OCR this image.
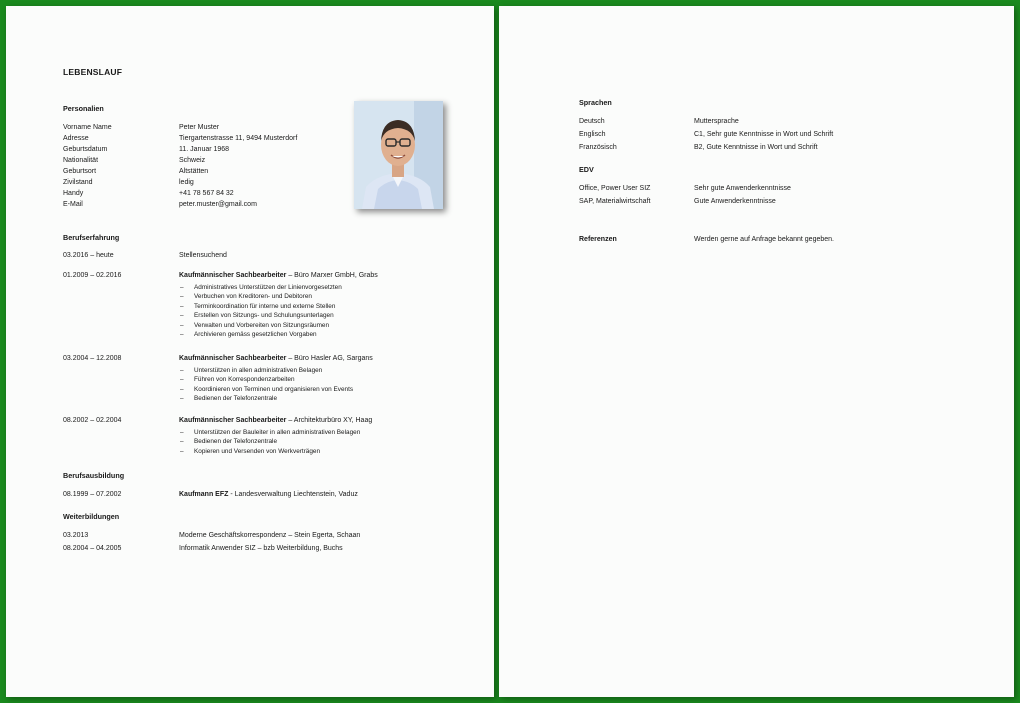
LEBENSLAUF
Personalien
Vorname Name	Peter Muster
Adresse	Tiergartenstrasse 11, 9494 Musterdorf
Geburtsdatum	11. Januar 1968
Nationalität	Schweiz
Geburtsort	Altstätten
Zivilstand	ledig
Handy	+41 78 567 84 32
E-Mail	peter.muster@gmail.com
Berufserfahrung
03.2016 – heute	Stellensuchend
01.2009 – 02.2016	Kaufmännischer Sachbearbeiter – Büro Marxer GmbH, Grabs
– Administratives Unterstützen der Linienvorgesetzten
– Verbuchen von Kreditoren- und Debitoren
– Terminkoordination für interne und externe Stellen
– Erstellen von Sitzungs- und Schulungsunterlagen
– Verwalten und Vorbereiten von Sitzungsräumen
– Archivieren gemäss gesetzlichen Vorgaben
03.2004 – 12.2008	Kaufmännischer Sachbearbeiter – Büro Hasler AG, Sargans
– Unterstützen in allen administrativen Belagen
– Führen von Korrespondenzarbeiten
– Koordinieren von Terminen und organisieren von Events
– Bedienen der Telefonzentrale
08.2002 – 02.2004	Kaufmännischer Sachbearbeiter – Architekturbüro XY, Haag
– Unterstützen der Bauleiter in allen administrativen Belagen
– Bedienen der Telefonzentrale
– Kopieren und Versenden von Werkverträgen
Berufsausbildung
08.1999 – 07.2002	Kaufmann EFZ - Landesverwaltung Liechtenstein, Vaduz
Weiterbildungen
03.2013	Moderne Geschäftskorrespondenz – Stein Egerta, Schaan
08.2004 – 04.2005	Informatik Anwender SIZ – bzb Weiterbildung, Buchs
Sprachen
Deutsch	Muttersprache
Englisch	C1, Sehr gute Kenntnisse in Wort und Schrift
Französisch	B2, Gute Kenntnisse in Wort und Schrift
EDV
Office, Power User SIZ	Sehr gute Anwenderkenntnisse
SAP, Materialwirtschaft	Gute Anwenderkenntnisse
Referenzen	Werden gerne auf Anfrage bekannt gegeben.
